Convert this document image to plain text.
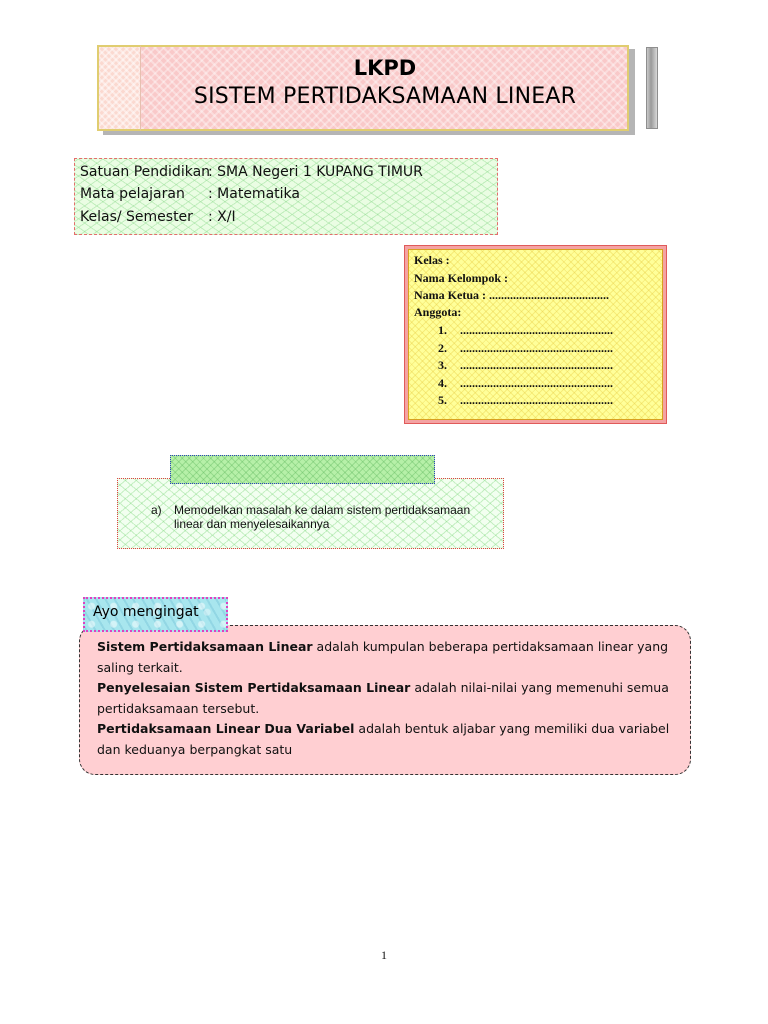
LKPD
SISTEM PERTIDAKSAMAAN LINEAR
Satuan Pendidikan
: SMA Negeri 1 KUPANG TIMUR
Mata pelajaran : Matematika
Kelas/ Semester : X/I
Kelas :
Nama Kelompok :
Nama Ketua : ........................................
Anggota:
1. ...................................................
2. ...................................................
3. ...................................................
4. ...................................................
5. ...................................................
a) Memodelkan masalah ke dalam sistem pertidaksamaan linear dan menyelesaikannya
Ayo mengingat
Sistem Pertidaksamaan Linear adalah kumpulan beberapa pertidaksamaan linear yang saling terkait.
Penyelesaian Sistem Pertidaksamaan Linear adalah nilai-nilai yang memenuhi semua pertidaksamaan tersebut.
Pertidaksamaan Linear Dua Variabel adalah bentuk aljabar yang memiliki dua variabel dan keduanya berpangkat satu
1
